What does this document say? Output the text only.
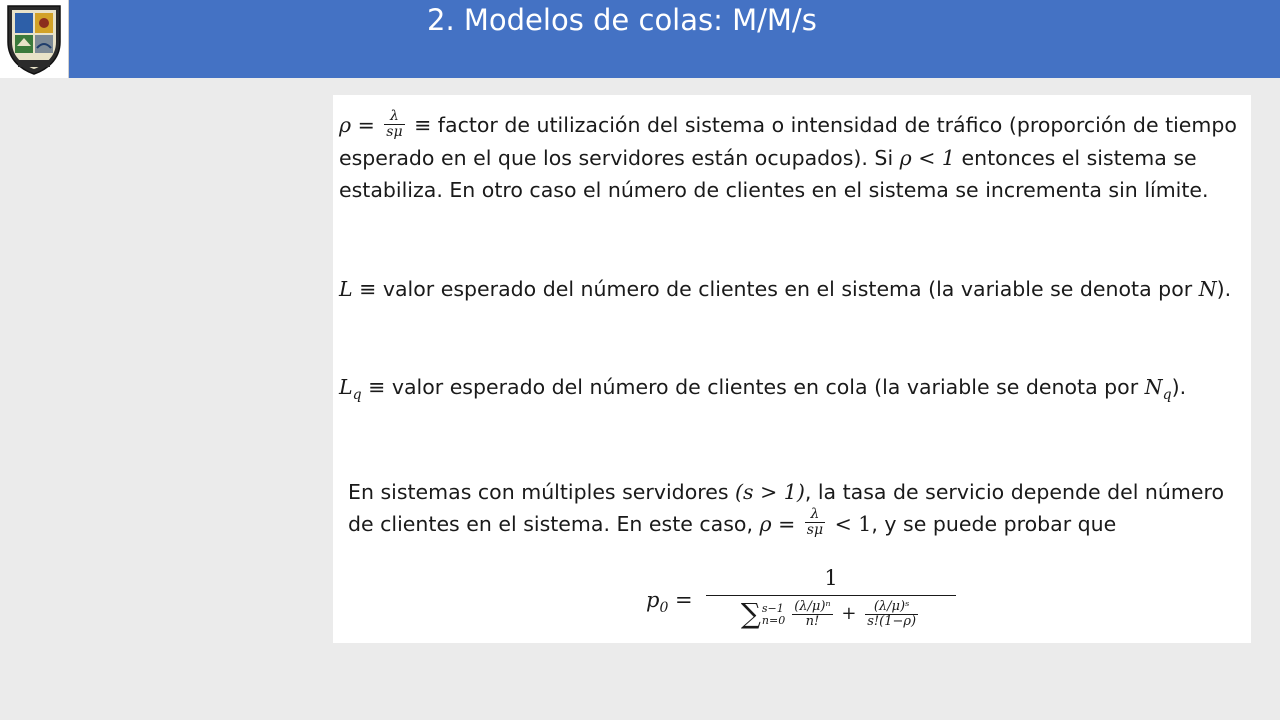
2. Modelos de colas: M/M/s

$\rho = \frac{\lambda}{s\mu}$ ≡ factor de utilización del sistema o intensidad de tráfico (proporción de tiempo esperado en el que los servidores están ocupados). Si ρ < 1 entonces el sistema se estabiliza. En otro caso el número de clientes en el sistema se incrementa sin límite.

L ≡ valor esperado del número de clientes en el sistema (la variable se denota por N).

$L_q$ ≡ valor esperado del número de clientes en cola (la variable se denota por $N_q$).

En sistemas con múltiples servidores (s > 1), la tasa de servicio depende del número de clientes en el sistema. En este caso, $\rho = \frac{\lambda}{s\mu} < 1$, y se puede probar que

$p_0$ =
1
∑ s−1
$n=0 \frac{\text{(λ/μ)ⁿ}}{n!} + \frac{\text{(λ/μ)ˢ}}{s!(1-\rho)}$
